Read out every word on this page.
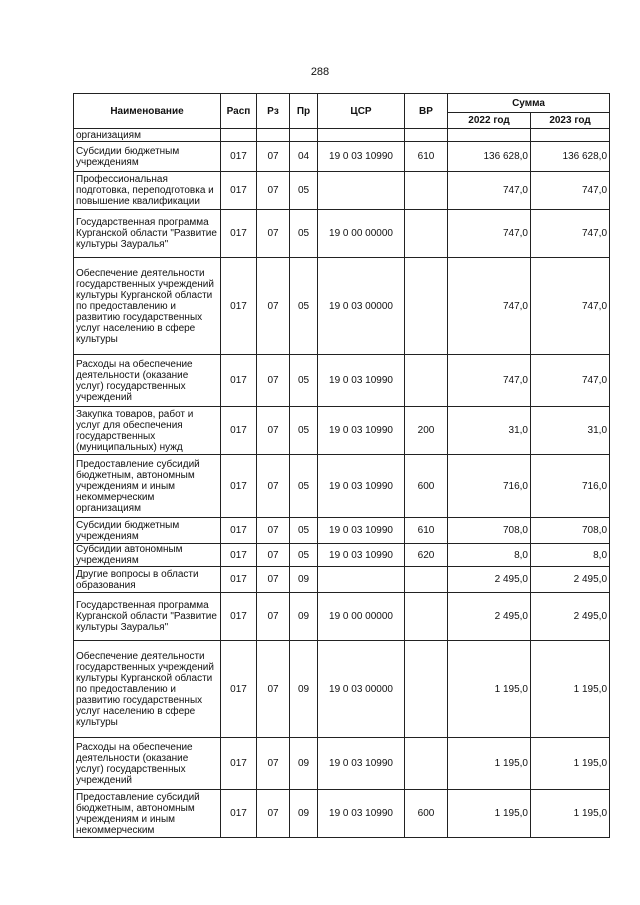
288
Наименование	Расп	Рз	Пр	ЦСР	ВР	Сумма	
						2022 год	2023 год
организациям							
Субсидии бюджетным учреждениям	017	07	04	19 0 03 10990	610	136 628,0	136 628,0
Профессиональная подготовка, переподготовка и повышение квалификации	017	07	05			747,0	747,0
Государственная программа Курганской области "Развитие культуры Зауралья"	017	07	05	19 0 00 00000		747,0	747,0
Обеспечение деятельности государственных учреждений культуры Курганской области по предоставлению и развитию государственных услуг населению в сфере культуры	017	07	05	19 0 03 00000		747,0	747,0
Расходы на обеспечение деятельности (оказание услуг) государственных учреждений	017	07	05	19 0 03 10990		747,0	747,0
Закупка товаров, работ и услуг для обеспечения государственных (муниципальных) нужд	017	07	05	19 0 03 10990	200	31,0	31,0
Предоставление субсидий бюджетным, автономным учреждениям и иным некоммерческим организациям	017	07	05	19 0 03 10990	600	716,0	716,0
Субсидии бюджетным учреждениям	017	07	05	19 0 03 10990	610	708,0	708,0
Субсидии автономным учреждениям	017	07	05	19 0 03 10990	620	8,0	8,0
Другие вопросы в области образования	017	07	09			2 495,0	2 495,0
Государственная программа Курганской области "Развитие культуры Зауралья"	017	07	09	19 0 00 00000		2 495,0	2 495,0
Обеспечение деятельности государственных учреждений культуры Курганской области по предоставлению и развитию государственных услуг населению в сфере культуры	017	07	09	19 0 03 00000		1 195,0	1 195,0
Расходы на обеспечение деятельности (оказание услуг) государственных учреждений	017	07	09	19 0 03 10990		1 195,0	1 195,0
Предоставление субсидий бюджетным, автономным учреждениям и иным некоммерческим	017	07	09	19 0 03 10990	600	1 195,0	1 195,0
